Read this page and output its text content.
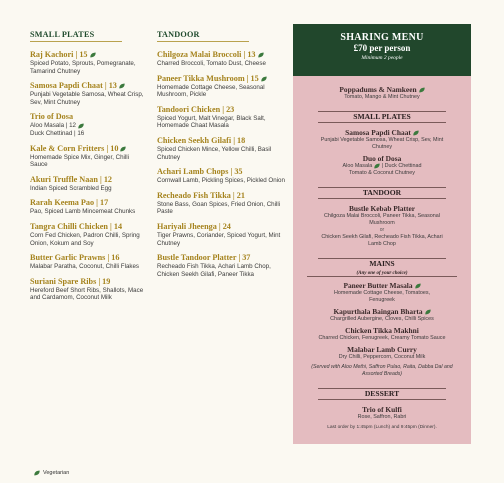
SMALL PLATES
Raj Kachori | 15
Spiced Potato, Sprouts, Pomegranate, Tamarind Chutney
Samosa Papdi Chaat | 13
Punjabi Vegetable Samosa, Wheat Crisp, Sev, Mint Chutney
Trio of Dosa
Aloo Masala | 12
Duck Chettinad | 16
Kale & Corn Fritters | 10
Homemade Spice Mix, Ginger, Chilli Sauce
Akuri Truffle Naan | 12
Indian Spiced Scrambled Egg
Rarah Keema Pao | 17
Pao, Spiced Lamb Mincemeat Chunks
Tangra Chilli Chicken | 14
Corn Fed Chicken, Padron Chilli, Spring Onion, Kokum and Soy
Butter Garlic Prawns | 16
Malabar Paratha, Coconut, Chilli Flakes
Suriani Spare Ribs | 19
Hereford Beef Short Ribs, Shallots, Mace and Cardamom, Coconut Milk
TANDOOR
Chilgoza Malai Broccoli | 13
Charred Broccoli, Tomato Dust, Cheese
Paneer Tikka Mushroom | 15
Homemade Cottage Cheese, Seasonal Mushroom, Pickle
Tandoori Chicken | 23
Spiced Yogurt, Malt Vinegar, Black Salt, Homemade Chaat Masala
Chicken Seekh Gilafi | 18
Spiced Chicken Mince, Yellow Chilli, Basil Chutney
Achari Lamb Chops | 35
Cornwall Lamb, Pickling Spices, Pickled Onion
Recheado Fish Tikka | 21
Stone Bass, Goan Spices, Fried Onion, Chilli Paste
Hariyali Jheenga | 24
Tiger Prawns, Coriander, Spiced Yogurt, Mint Chutney
Bustle Tandoor Platter | 37
Recheado Fish Tikka, Achari Lamb Chop, Chicken Seekh Gilafi, Paneer Tikka
SHARING MENU
£70 per person
Minimum 2 people
Poppadums & Namkeen
Tomato, Mango & Mint Chutney
SMALL PLATES
Samosa Papdi Chaat
Punjabi Vegetable Samosa, Wheat Crisp, Sev, Mint Chutney
Duo of Dosa
Aloo Masala | Duck Chettinad
Tomato & Coconut Chutney
TANDOOR
Bustle Kebab Platter
Chilgoza Malai Broccoli, Paneer Tikka, Seasonal Mushroom
or
Chicken Seekh Gilafi, Recheado Fish Tikka, Achari Lamb Chop
MAINS
(Any one of your choice)
Paneer Butter Masala
Homemade Cottage Cheese, Tomatoes, Fenugreek
Kapurthala Baingan Bharta
Chargrilled Aubergine, Cloves, Chilli Spices
Chicken Tikka Makhni
Charred Chicken, Fenugreek, Creamy Tomato Sauce
Malabar Lamb Curry
Dry Chilli, Peppercorn, Coconut Milk
(Served with Aloo Methi, Saffron Pulao, Raita, Dabba Dal and Assorted Breads)
DESSERT
Trio of Kulfi
Rose, Saffron, Rabri
Last order by 1:45pm (Lunch) and 9:45pm (Dinner).
Vegetarian
